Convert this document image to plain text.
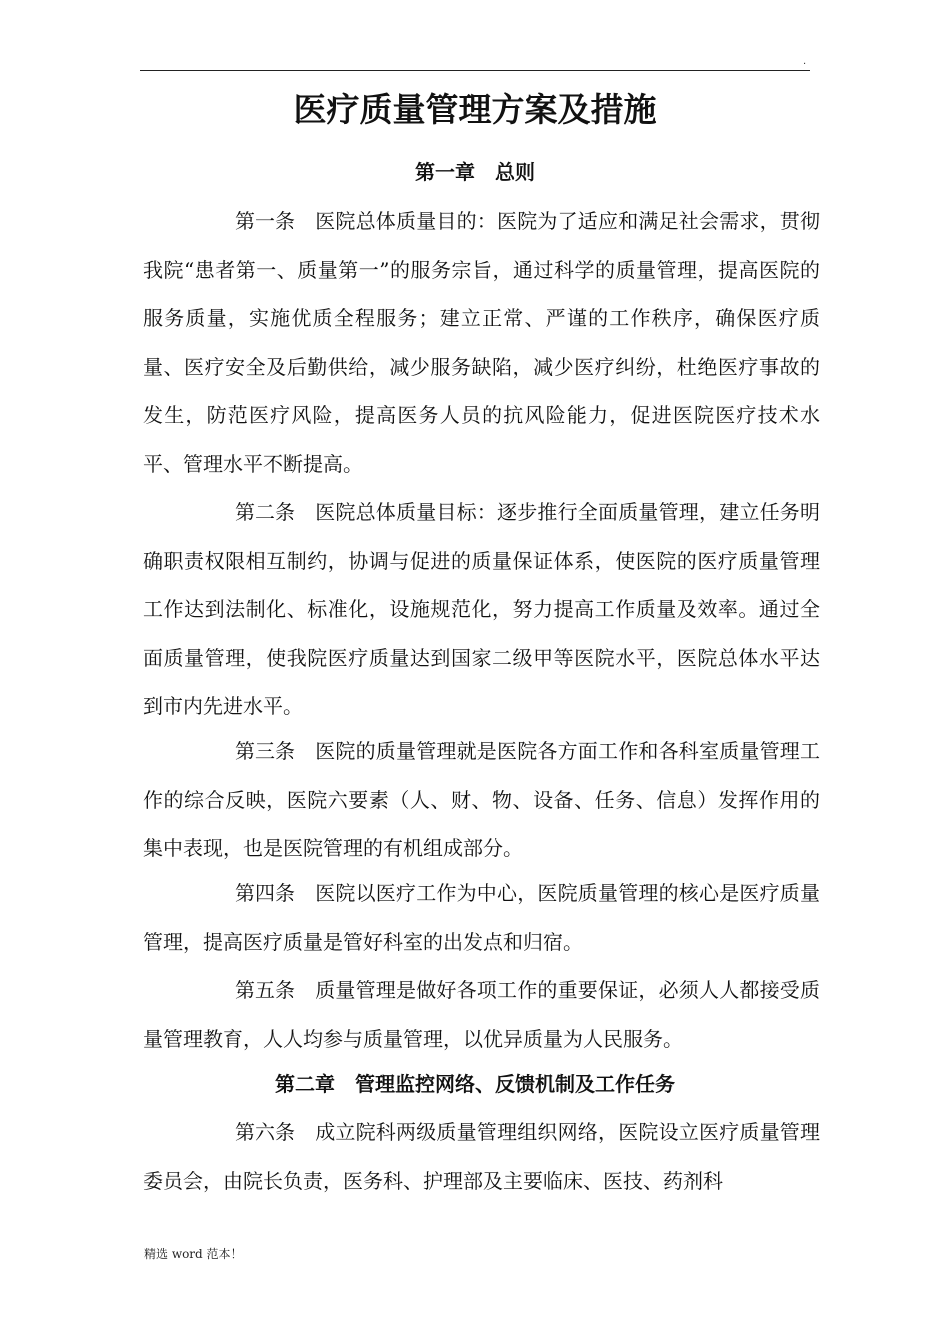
.
医疗质量管理方案及措施
第一章　总则

第一条 医院总体质量目的：医院为了适应和满足社会需求，贯彻我院“患者第一、质量第一”的服务宗旨，通过科学的质量管理，提高医院的服务质量，实施优质全程服务；建立正常、严谨的工作秩序，确保医疗质量、医疗安全及后勤供给，减少服务缺陷，减少医疗纠纷，杜绝医疗事故的发生，防范医疗风险，提高医务人员的抗风险能力，促进医院医疗技术水平、管理水平不断提高。

第二条 医院总体质量目标：逐步推行全面质量管理，建立任务明确职责权限相互制约，协调与促进的质量保证体系，使医院的医疗质量管理工作达到法制化、标准化，设施规范化，努力提高工作质量及效率。通过全面质量管理，使我院医疗质量达到国家二级甲等医院水平，医院总体水平达到市内先进水平。

第三条 医院的质量管理就是医院各方面工作和各科室质量管理工作的综合反映，医院六要素（人、财、物、设备、任务、信息）发挥作用的集中表现，也是医院管理的有机组成部分。

第四条 医院以医疗工作为中心，医院质量管理的核心是医疗质量管理，提高医疗质量是管好科室的出发点和归宿。

第五条 质量管理是做好各项工作的重要保证，必须人人都接受质量管理教育，人人均参与质量管理，以优异质量为人民服务。

第二章　管理监控网络、反馈机制及工作任务

第六条 成立院科两级质量管理组织网络，医院设立医疗质量管理委员会，由院长负责，医务科、护理部及主要临床、医技、药剂科

精选 word 范本！
